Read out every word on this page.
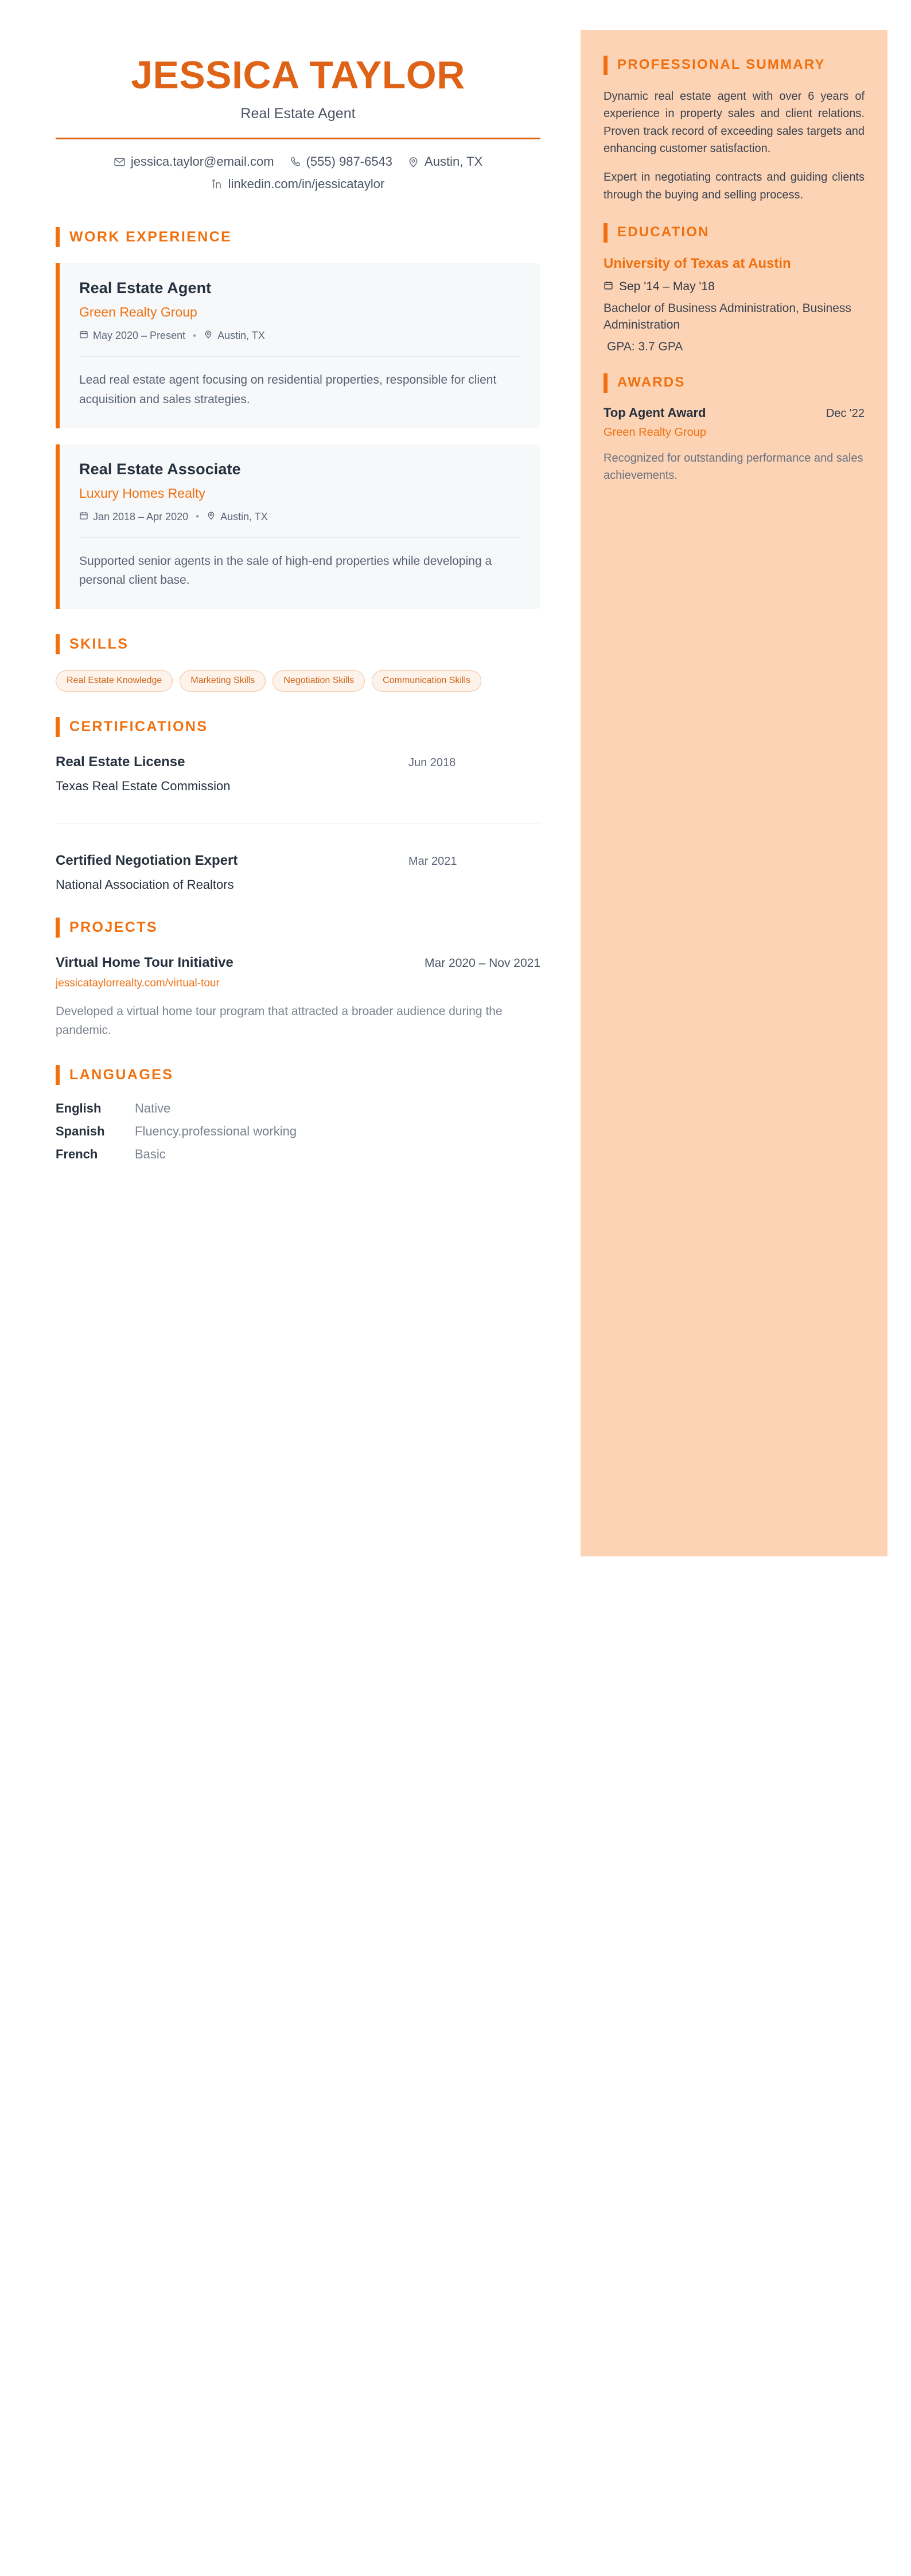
PROFESSIONAL SUMMARY

Dynamic real estate agent with over 6 years of experience in property sales and client relations. Proven track record of exceeding sales targets and enhancing customer satisfaction.

Expert in negotiating contracts and guiding clients through the buying and selling process.

EDUCATION
University of Texas at Austin
Sep '14 – May '18
Bachelor of Business Administration, Business Administration
GPA: 3.7 GPA
AWARDS
Top Agent Award	Dec '22
Green Realty Group
Recognized for outstanding performance and sales achievements.
JESSICA TAYLOR
Real Estate Agent
jessica.taylor@email.com	(555) 987-6543	Austin, TX
linkedin.com/in/jessicataylor
WORK EXPERIENCE
Real Estate Agent
Green Realty Group
May 2020 – Present • Austin, TX
Lead real estate agent focusing on residential properties, responsible for client acquisition and sales strategies.
Real Estate Associate
Luxury Homes Realty
Jan 2018 – Apr 2020 • Austin, TX
Supported senior agents in the sale of high-end properties while developing a personal client base.
SKILLS
Real Estate Knowledge	Marketing Skills	Negotiation Skills	Communication Skills
CERTIFICATIONS
Real Estate License	Jun 2018
Texas Real Estate Commission
Certified Negotiation Expert	Mar 2021
National Association of Realtors
PROJECTS
Virtual Home Tour Initiative	Mar 2020 – Nov 2021
jessicataylorrealty.com/virtual-tour
Developed a virtual home tour program that attracted a broader audience during the pandemic.
LANGUAGES
English	Native
Spanish	Fluency.professional working
French	Basic
